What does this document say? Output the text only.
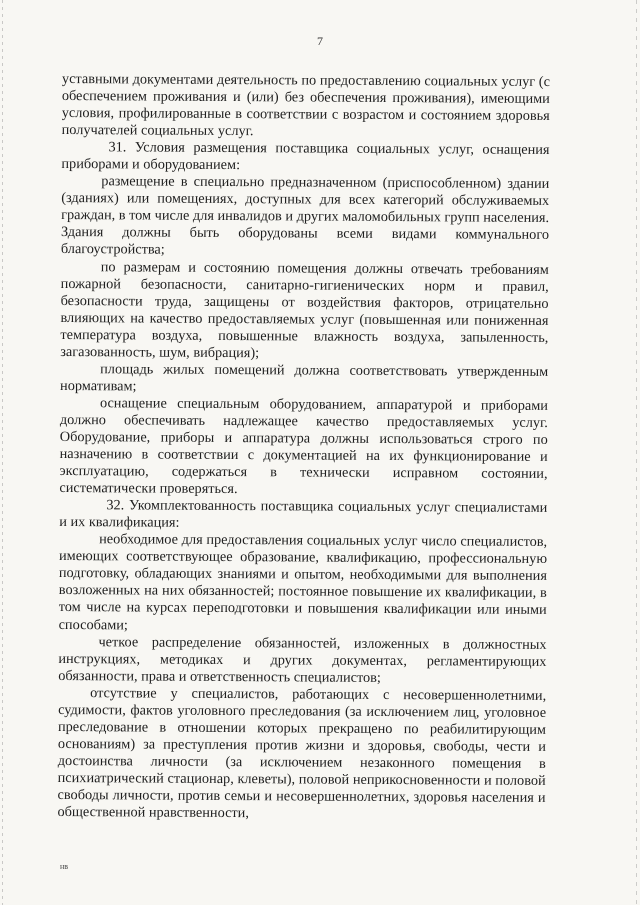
7

уставными документами деятельность по предоставлению социальных услуг (с обеспечением проживания и (или) без обеспечения проживания), имеющими условия, профилированные в соответствии с возрастом и состоянием здоровья получателей социальных услуг.

31. Условия размещения поставщика социальных услуг, оснащения приборами и оборудованием:

размещение в специально предназначенном (приспособленном) здании (зданиях) или помещениях, доступных для всех категорий обслуживаемых граждан, в том числе для инвалидов и других маломобильных групп населения. Здания должны быть оборудованы всеми видами коммунального благоустройства;

по размерам и состоянию помещения должны отвечать требованиям пожарной безопасности, санитарно-гигиенических норм и правил, безопасности труда, защищены от воздействия факторов, отрицательно влияющих на качество предоставляемых услуг (повышенная или пониженная температура воздуха, повышенные влажность воздуха, запыленность, загазованность, шум, вибрация);

площадь жилых помещений должна соответствовать утвержденным нормативам;

оснащение специальным оборудованием, аппаратурой и приборами должно обеспечивать надлежащее качество предоставляемых услуг. Оборудование, приборы и аппаратура должны использоваться строго по назначению в соответствии с документацией на их функционирование и эксплуатацию, содержаться в технически исправном состоянии, систематически проверяться.

32. Укомплектованность поставщика социальных услуг специалистами и их квалификация:

необходимое для предоставления социальных услуг число специалистов, имеющих соответствующее образование, квалификацию, профессиональную подготовку, обладающих знаниями и опытом, необходимыми для выполнения возложенных на них обязанностей; постоянное повышение их квалификации, в том числе на курсах переподготовки и повышения квалификации или иными способами;

четкое распределение обязанностей, изложенных в должностных инструкциях, методиках и других документах, регламентирующих обязанности, права и ответственность специалистов;

отсутствие у специалистов, работающих с несовершеннолетними, судимости, фактов уголовного преследования (за исключением лиц, уголовное преследование в отношении которых прекращено по реабилитирующим основаниям) за преступления против жизни и здоровья, свободы, чести и достоинства личности (за исключением незаконного помещения в психиатрический стационар, клеветы), половой неприкосновенности и половой свободы личности, против семьи и несовершеннолетних, здоровья населения и общественной нравственности,

нв
